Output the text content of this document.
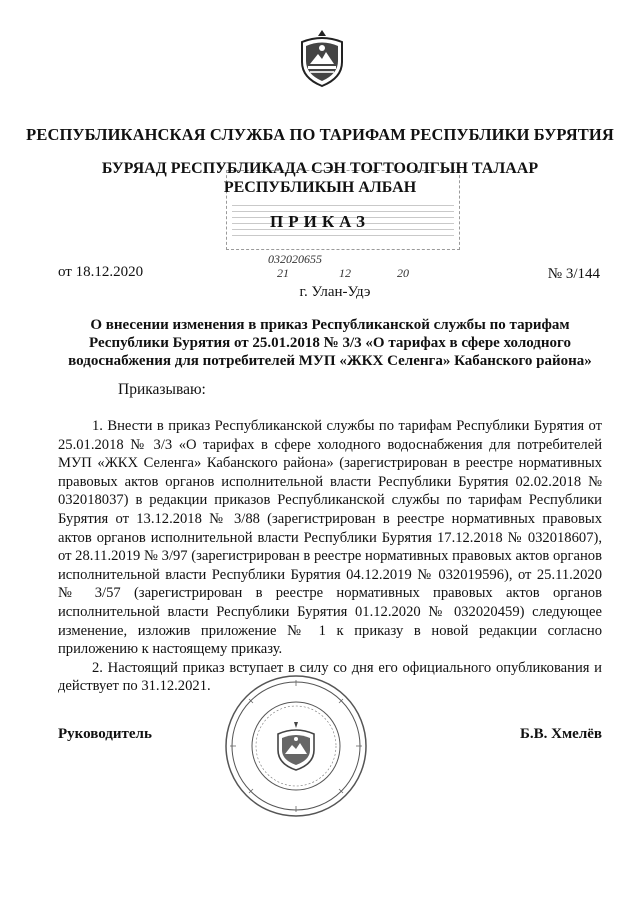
РЕСПУБЛИКАНСКАЯ СЛУЖБА ПО ТАРИФАМ РЕСПУБЛИКИ БУРЯТИЯ
БУРЯАД РЕСПУБЛИКАДА СЭН ТОГТООЛГЫН ТАЛААР
РЕСПУБЛИКЫН АЛБАН
ПРИКАЗ
от 18.12.2020
032020655
21	12	20	№ 3/144
г. Улан-Удэ
О внесении изменения в приказ Республиканской службы по тарифам Республики Бурятия от 25.01.2018 № 3/3 «О тарифах в сфере холодного водоснабжения для потребителей МУП «ЖКХ Селенга» Кабанского района»
Приказываю:

1. Внести в приказ Республиканской службы по тарифам Республики Бурятия от 25.01.2018 № 3/3 «О тарифах в сфере холодного водоснабжения для потребителей МУП «ЖКХ Селенга» Кабанского района» (зарегистрирован в реестре нормативных правовых актов органов исполнительной власти Республики Бурятия 02.02.2018 № 032018037) в редакции приказов Республиканской службы по тарифам Республики Бурятия от 13.12.2018 № 3/88 (зарегистрирован в реестре нормативных правовых актов органов исполнительной власти Республики Бурятия 17.12.2018 № 032018607), от 28.11.2019 № 3/97 (зарегистрирован в реестре нормативных правовых актов органов исполнительной власти Республики Бурятия 04.12.2019 № 032019596), от 25.11.2020 № 3/57 (зарегистрирован в реестре нормативных правовых актов органов исполнительной власти Республики Бурятия 01.12.2020 № 032020459) следующее изменение, изложив приложение № 1 к приказу в новой редакции согласно приложению к настоящему приказу.

2. Настоящий приказ вступает в силу со дня его официального опубликования и действует по 31.12.2021.

Руководитель	Б.В. Хмелёв
